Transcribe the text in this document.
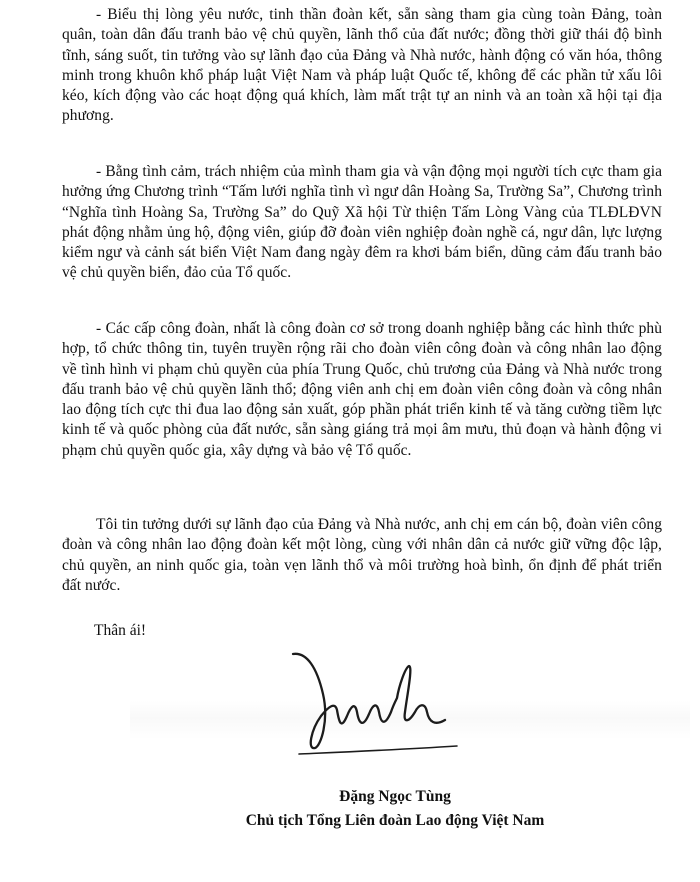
- Biểu thị lòng yêu nước, tinh thần đoàn kết, sẵn sàng tham gia cùng toàn Đảng, toàn quân, toàn dân đấu tranh bảo vệ chủ quyền, lãnh thổ của đất nước; đồng thời giữ thái độ bình tĩnh, sáng suốt, tin tưởng vào sự lãnh đạo của Đảng và Nhà nước, hành động có văn hóa, thông minh trong khuôn khổ pháp luật Việt Nam và pháp luật Quốc tế, không để các phần tử xấu lôi kéo, kích động vào các hoạt động quá khích, làm mất trật tự an ninh và an toàn xã hội tại địa phương.

- Bằng tình cảm, trách nhiệm của mình tham gia và vận động mọi người tích cực tham gia hưởng ứng Chương trình “Tấm lưới nghĩa tình vì ngư dân Hoàng Sa, Trường Sa”, Chương trình “Nghĩa tình Hoàng Sa, Trường Sa” do Quỹ Xã hội Từ thiện Tấm Lòng Vàng của TLĐLĐVN phát động nhằm ủng hộ, động viên, giúp đỡ đoàn viên nghiệp đoàn nghề cá, ngư dân, lực lượng kiểm ngư và cảnh sát biển Việt Nam đang ngày đêm ra khơi bám biển, dũng cảm đấu tranh bảo vệ chủ quyền biển, đảo của Tổ quốc.

- Các cấp công đoàn, nhất là công đoàn cơ sở trong doanh nghiệp bằng các hình thức phù hợp, tổ chức thông tin, tuyên truyền rộng rãi cho đoàn viên công đoàn và công nhân lao động về tình hình vi phạm chủ quyền của phía Trung Quốc, chủ trương của Đảng và Nhà nước trong đấu tranh bảo vệ chủ quyền lãnh thổ; động viên anh chị em đoàn viên công đoàn và công nhân lao động tích cực thi đua lao động sản xuất, góp phần phát triển kinh tế và tăng cường tiềm lực kinh tế và quốc phòng của đất nước, sẵn sàng giáng trả mọi âm mưu, thủ đoạn và hành động vi phạm chủ quyền quốc gia, xây dựng và bảo vệ Tổ quốc.

Tôi tin tưởng dưới sự lãnh đạo của Đảng và Nhà nước, anh chị em cán bộ, đoàn viên công đoàn và công nhân lao động đoàn kết một lòng, cùng với nhân dân cả nước giữ vững độc lập, chủ quyền, an ninh quốc gia, toàn vẹn lãnh thổ và môi trường hoà bình, ổn định để phát triển đất nước.

Thân ái!

Đặng Ngọc Tùng

Chủ tịch Tổng Liên đoàn Lao động Việt Nam
